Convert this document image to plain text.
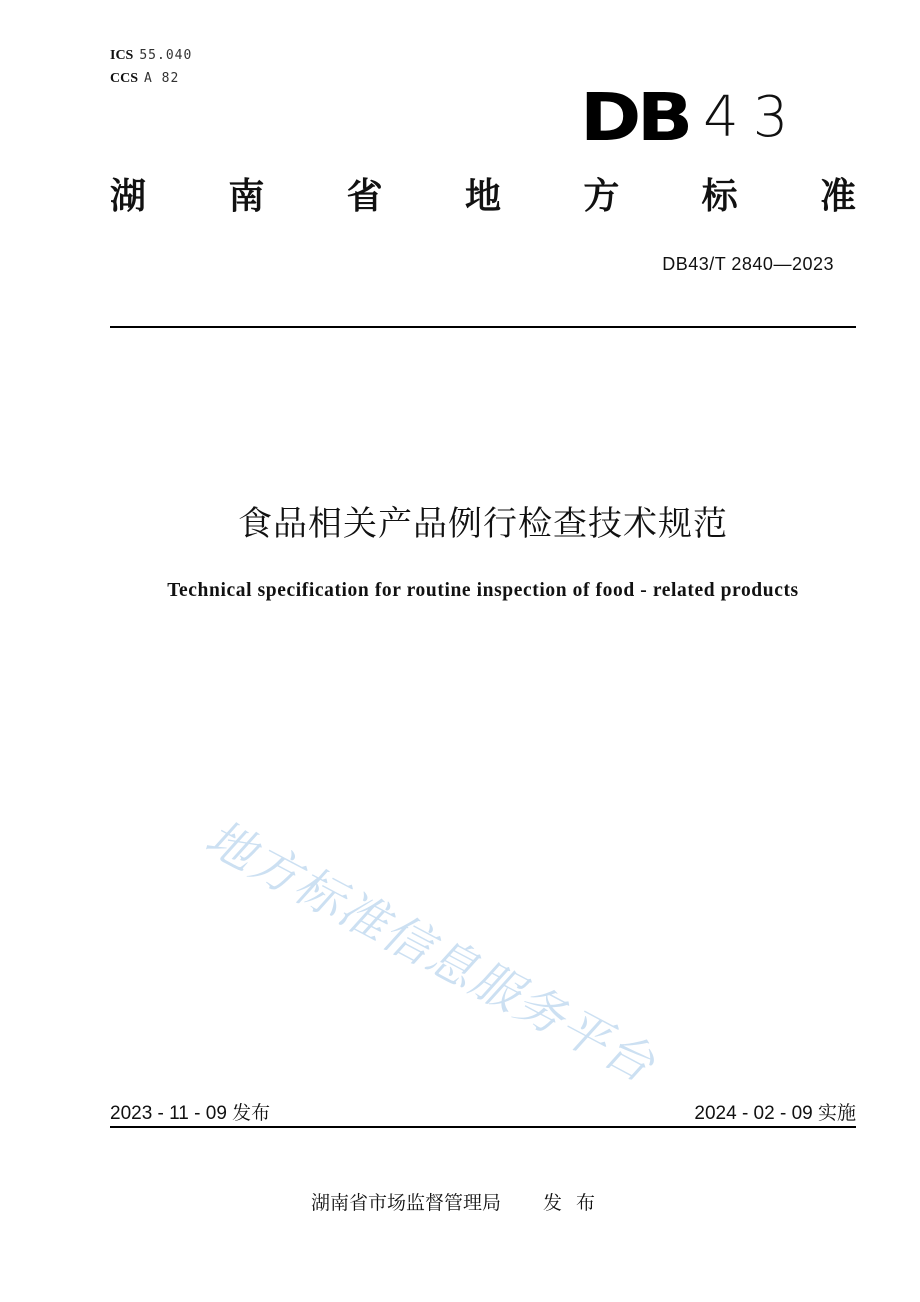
ICS 55.040
CCS A 82
DB 43
湖 南 省 地 方 标 准
DB43/T 2840—2023
食品相关产品例行检查技术规范
Technical specification for routine inspection of food - related products
地方标准信息服务平台
2023 - 11 - 09 发布	2024 - 02 - 09 实施
湖南省市场监督管理局 发布
